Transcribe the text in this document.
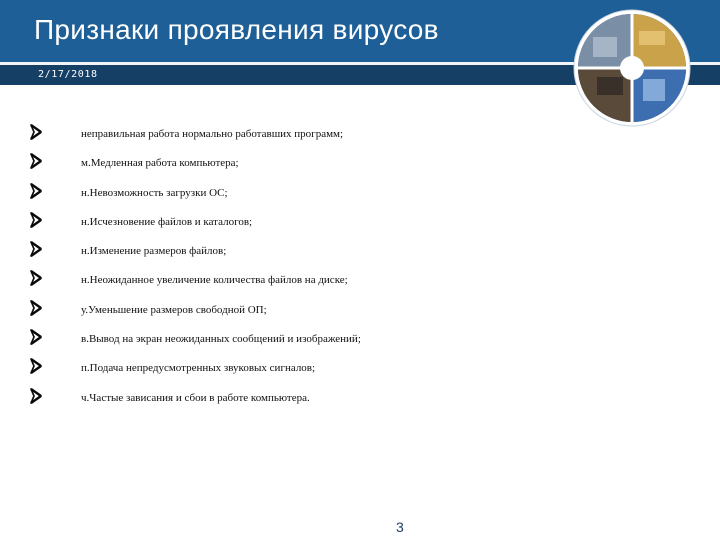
Признаки проявления вирусов
2/17/2018
неправильная работа нормально работавших программ;
м.Медленная работа компьютера;
н.Невозможность загрузки ОС;
н.Исчезновение файлов и каталогов;
н.Изменение размеров файлов;
н.Неожиданное увеличение количества файлов на диске;
у.Уменьшение размеров свободной ОП;
в.Вывод на экран неожиданных сообщений и изображений;
п.Подача непредусмотренных звуковых сигналов;
ч.Частые зависания и сбои в работе компьютера.
3
